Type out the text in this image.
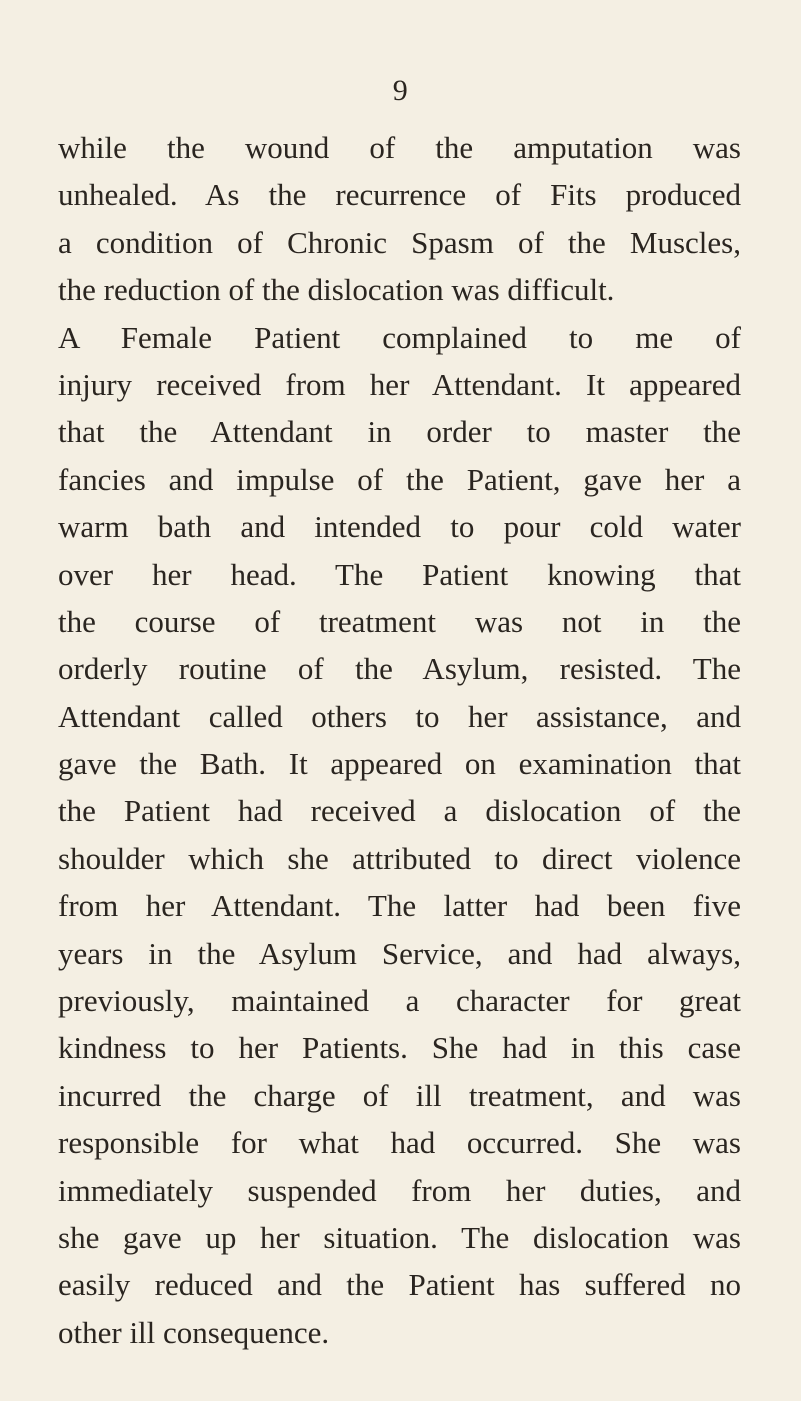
9
while the wound of the amputation was
unhealed. As the recurrence of Fits produced
a condition of Chronic Spasm of the Muscles,
the reduction of the dislocation was difficult.
A Female Patient complained to me of
injury received from her Attendant. It appeared
that the Attendant in order to master the
fancies and impulse of the Patient, gave her a
warm bath and intended to pour cold water
over her head. The Patient knowing that
the course of treatment was not in the
orderly routine of the Asylum, resisted. The
Attendant called others to her assistance, and
gave the Bath. It appeared on examination that
the Patient had received a dislocation of the
shoulder which she attributed to direct violence
from her Attendant. The latter had been five
years in the Asylum Service, and had always,
previously, maintained a character for great
kindness to her Patients. She had in this case
incurred the charge of ill treatment, and was
responsible for what had occurred. She was
immediately suspended from her duties, and
she gave up her situation. The dislocation was
easily reduced and the Patient has suffered no
other ill consequence.
